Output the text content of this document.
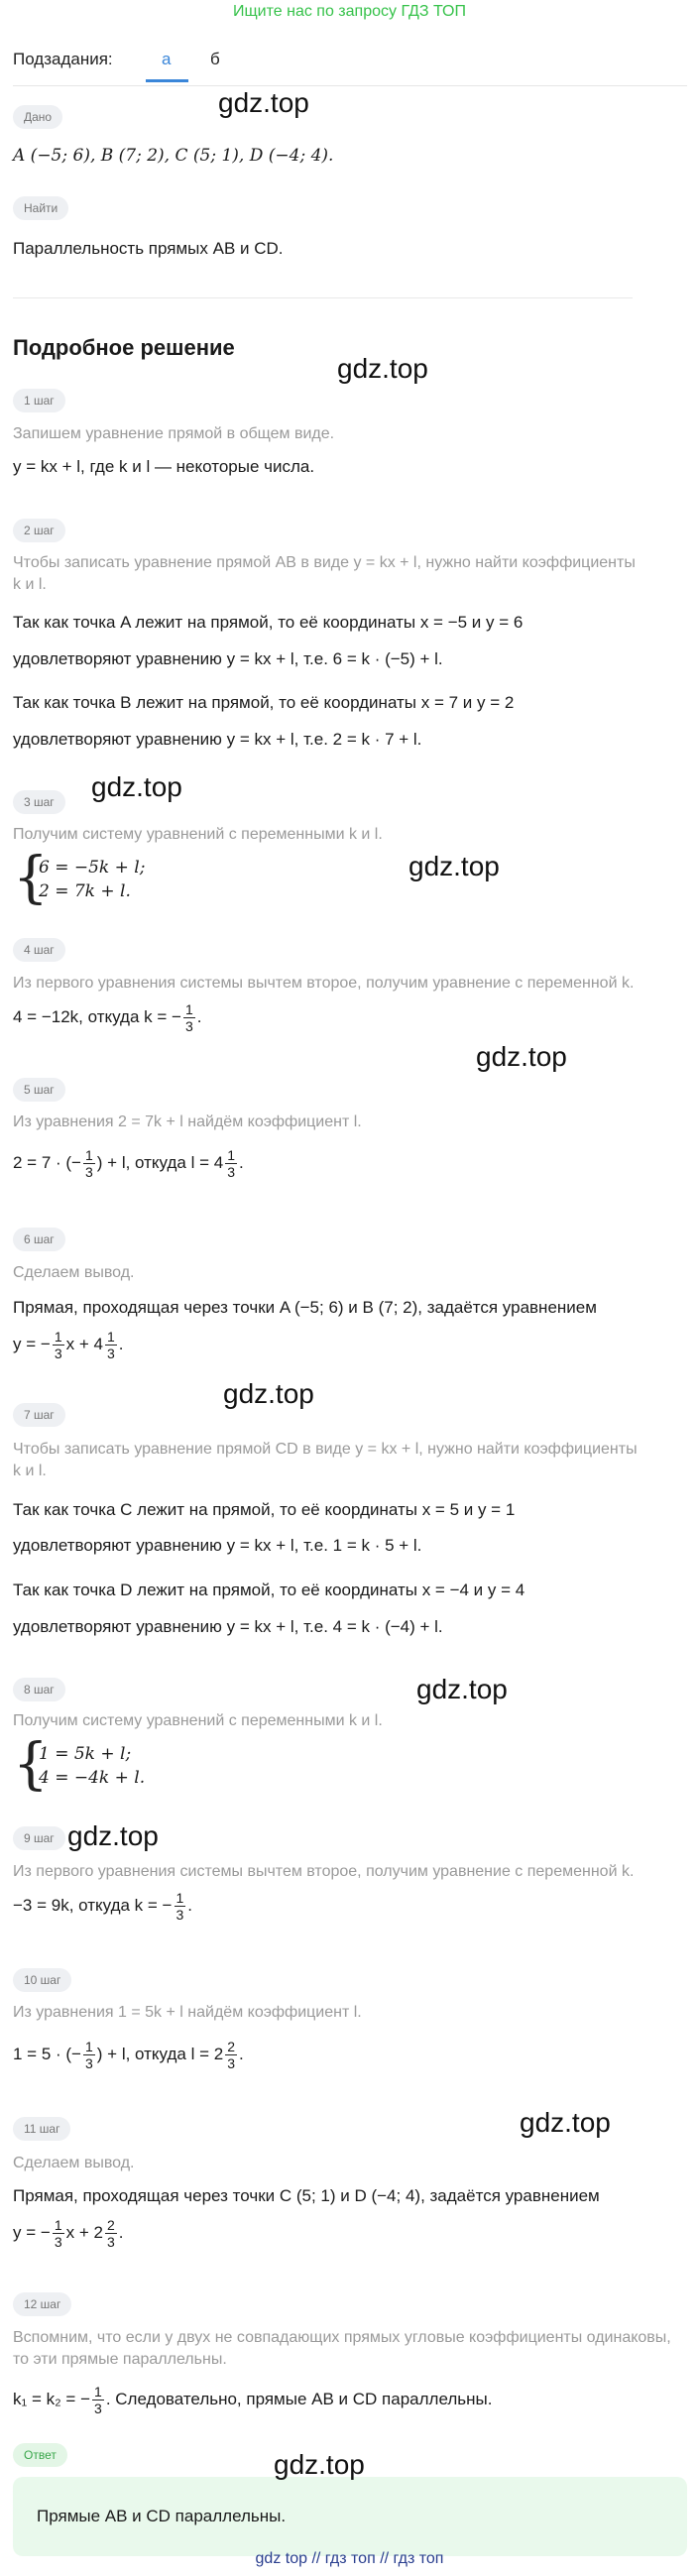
Ищите нас по запросу ГДЗ ТОП
Подзадания:	а б
Дано
A (−5; 6), B (7; 2), C (5; 1), D (−4; 4).
Найти
Параллельность прямых AB и CD.
Подробное решение
1 шаг
Запишем уравнение прямой в общем виде.
y = kx + l, где k и l — некоторые числа.
2 шаг
Чтобы записать уравнение прямой AB в виде y = kx + l, нужно найти коэффициенты
k и l.
Так как точка A лежит на прямой, то её координаты x = −5 и y = 6
удовлетворяют уравнению y = kx + l, т.е. 6 = k · (−5) + l.
Так как точка B лежит на прямой, то её координаты x = 7 и y = 2
удовлетворяют уравнению y = kx + l, т.е. 2 = k · 7 + l.
3 шаг
Получим систему уравнений с переменными k и l.
{
6 = −5k + l;
2 = 7k + l.
4 шаг
Из первого уравнения системы вычтем второе, получим уравнение с переменной k.
4 = −12k, откуда k = − $\frac{1}{3}$ .
5 шаг
Из уравнения 2 = 7k + l найдём коэффициент l.
2 = 7 · (− $\frac{1}{3}$ ) + l, откуда $l = 4 \frac{1}{3}$ .
6 шаг
Сделаем вывод.
Прямая, проходящая через точки A (−5; 6) и B (7; 2), задаётся уравнением
y = − $\frac{1}{3}$ $x + 4 \frac{1}{3}$ .
7 шаг
Чтобы записать уравнение прямой CD в виде y = kx + l, нужно найти коэффициенты
k и l.
Так как точка C лежит на прямой, то её координаты x = 5 и y = 1
удовлетворяют уравнению y = kx + l, т.е. 1 = k · 5 + l.
Так как точка D лежит на прямой, то её координаты x = −4 и y = 4
удовлетворяют уравнению y = kx + l, т.е. 4 = k · (−4) + l.
8 шаг
Получим систему уравнений с переменными k и l.
{
1 = 5k + l;
4 = −4k + l.
9 шаг
Из первого уравнения системы вычтем второе, получим уравнение с переменной k.
−3 = 9k, откуда k = − $\frac{1}{3}$ .
10 шаг
Из уравнения 1 = 5k + l найдём коэффициент l.
1 = 5 · (− $\frac{1}{3}$ ) + l, откуда $l = 2 \frac{2}{3}$ .
11 шаг
Сделаем вывод.
Прямая, проходящая через точки C (5; 1) и D (−4; 4), задаётся уравнением
y = − $\frac{1}{3}$ $x + 2 \frac{2}{3}$ .
12 шаг
Вспомним, что если у двух не совпадающих прямых угловые коэффициенты одинаковы,
то эти прямые параллельны.
k₁ = k₂ = − $\frac{1}{3}$ . Следовательно, прямые AB и CD параллельны.
Ответ
Прямые AB и CD параллельны.
gdz.top
gdz.top
gdz.top
gdz.top
gdz.top
gdz.top
gdz.top
gdz.top
gdz.top
gdz.top
gdz top // гдз топ // гдз топ
